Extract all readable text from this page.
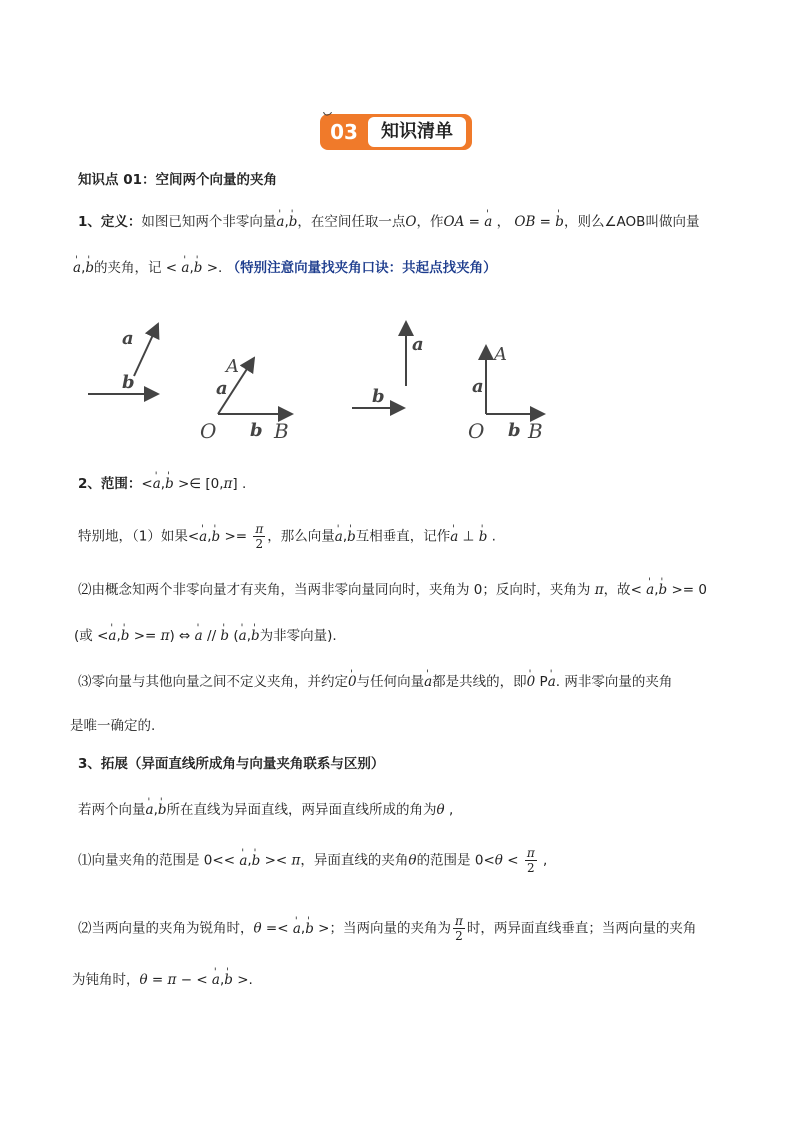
03	知识清单
知识点 01：空间两个向量的夹角
1、定义：如图已知两个非零向量' a,' b，在空间任取一点O，作OA = ' a ， OB = ' b，则么∠AOB叫做向量
' a,' b的夹角，记 < ' a,' b >. （特别注意向量找夹角口诀：共起点找夹角）
a
b
A
a
O b B
a
b
A
a
O b B
2、范围：<' a,' b >∈ [0,π] .
特别地，（1）如果<' a,' $b >= \frac{\pi}{2}$ ，那么向量' a,' b互相垂直，记作' a ⊥ ' b .
⑵由概念知两个非零向量才有夹角，当两非零向量同向时，夹角为 0；反向时，夹角为 π，故< ' a,' b >= 0
(或 <' a,' b >= π) ⇔ ' a // ' b (' a,' b为非零向量).
⑶零向量与其他向量之间不定义夹角，并约定' 0与任何向量' a都是共线的，即' 0 P' a. 两非零向量的夹角
是唯一确定的.
3、拓展（异面直线所成角与向量夹角联系与区别）
若两个向量' a,' b所在直线为异面直线，两异面直线所成的角为θ ,
⑴向量夹角的范围是 0<< ' a,' b >< π，异面直线的夹角θ的范围是 $0<\theta < \frac{\pi}{2}$ ,
⑵当两向量的夹角为锐角时，θ =< ' a,' b >；当两向量的夹角为 $\frac{\pi}{2}$ 时，两异面直线垂直；当两向量的夹角
为钝角时，θ = π − < ' a,' b >.
